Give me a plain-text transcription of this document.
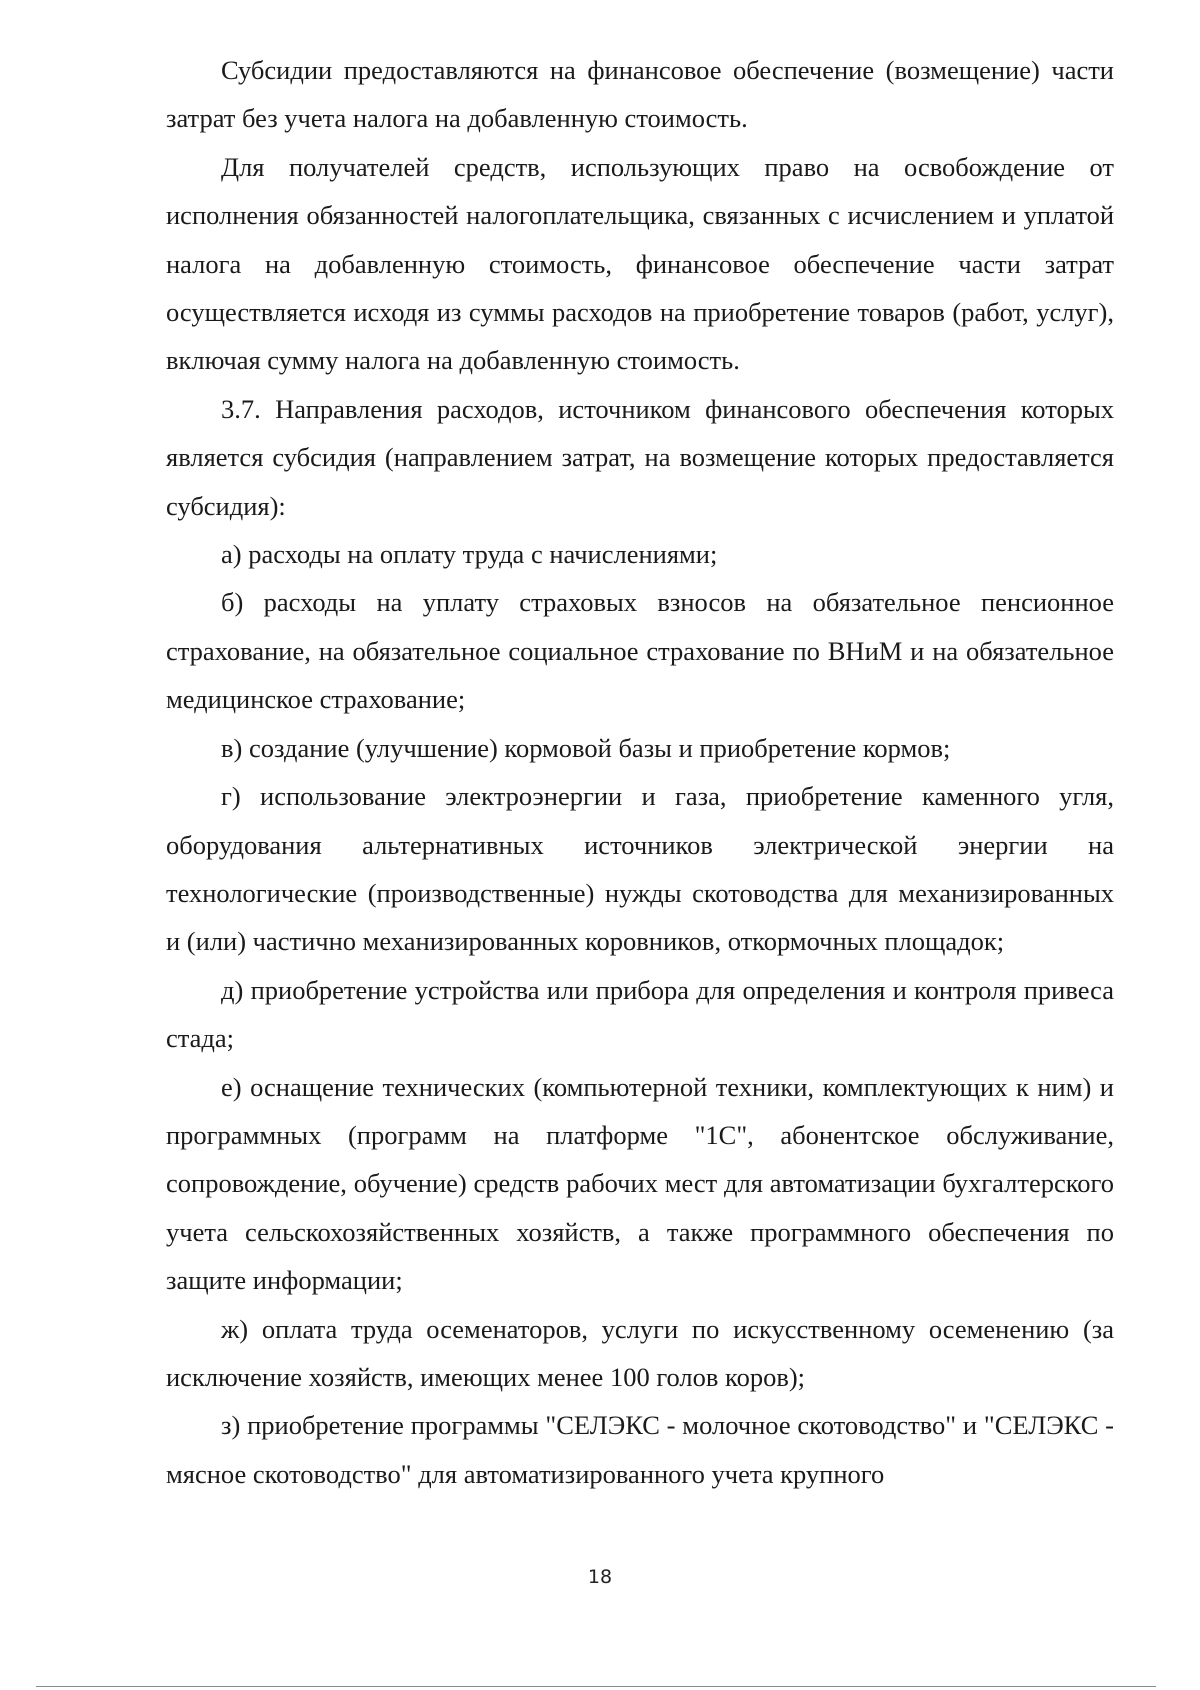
Субсидии предоставляются на финансовое обеспечение (возмещение) части затрат без учета налога на добавленную стоимость.

Для получателей средств, использующих право на освобождение от исполнения обязанностей налогоплательщика, связанных с исчислением и уплатой налога на добавленную стоимость, финансовое обеспечение части затрат осуществляется исходя из суммы расходов на приобретение товаров (работ, услуг), включая сумму налога на добавленную стоимость.

3.7. Направления расходов, источником финансового обеспечения которых является субсидия (направлением затрат, на возмещение которых предоставляется субсидия):

а) расходы на оплату труда с начислениями;

б) расходы на уплату страховых взносов на обязательное пенсионное страхование, на обязательное социальное страхование по ВНиМ и на обязательное медицинское страхование;

в) создание (улучшение) кормовой базы и приобретение кормов;

г) использование электроэнергии и газа, приобретение каменного угля, оборудования альтернативных источников электрической энергии на технологические (производственные) нужды скотоводства для механизированных и (или) частично механизированных коровников, откормочных площадок;

д) приобретение устройства или прибора для определения и контроля привеса стада;

е) оснащение технических (компьютерной техники, комплектующих к ним) и программных (программ на платформе "1С", абонентское обслуживание, сопровождение, обучение) средств рабочих мест для автоматизации бухгалтерского учета сельскохозяйственных хозяйств, а также программного обеспечения по защите информации;

ж) оплата труда осеменаторов, услуги по искусственному осеменению (за исключение хозяйств, имеющих менее 100 голов коров);

з) приобретение программы "СЕЛЭКС - молочное скотоводство" и "СЕЛЭКС - мясное скотоводство" для автоматизированного учета крупного

18
